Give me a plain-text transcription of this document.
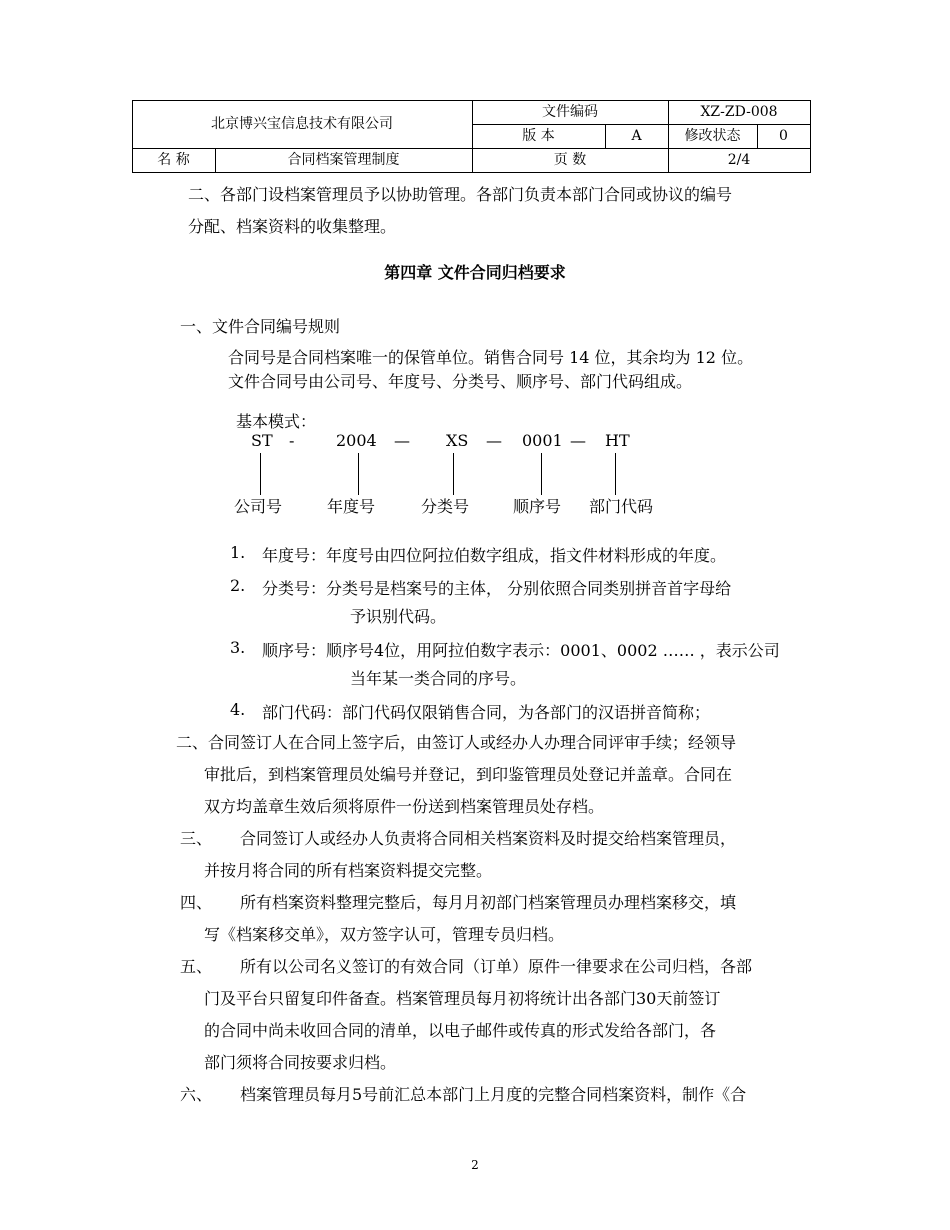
北京博兴宝信息技术有限公司
文件编码	XZ-ZD-008
版 本	A	修改状态	0
名 称	合同档案管理制度	页 数	2/4
二、各部门设档案管理员予以协助管理。各部门负责本部门合同或协议的编号
分配、档案资料的收集整理。
第四章 文件合同归档要求
一、文件合同编号规则
合同号是合同档案唯一的保管单位。销售合同号 14 位，其余均为 12 位。
文件合同号由公司号、年度号、分类号、顺序号、部门代码组成。
基本模式：
ST -	2004 — XS — 0001 — HT
公司号	年度号	分类号	顺序号 部门代码
1. 年度号：年度号由四位阿拉伯数字组成，指文件材料形成的年度。
2. 分类号：分类号是档案号的主体， 分别依照合同类别拼音首字母给
予识别代码。
3. 顺序号：顺序号4位，用阿拉伯数字表示：0001、0002 …… ，表示公司
当年某一类合同的序号。
4. 部门代码：部门代码仅限销售合同，为各部门的汉语拼音简称；
二、合同签订人在合同上签字后，由签订人或经办人办理合同评审手续；经领导
审批后，到档案管理员处编号并登记，到印鉴管理员处登记并盖章。合同在
双方均盖章生效后须将原件一份送到档案管理员处存档。
三、 合同签订人或经办人负责将合同相关档案资料及时提交给档案管理员，
并按月将合同的所有档案资料提交完整。
四、 所有档案资料整理完整后，每月月初部门档案管理员办理档案移交，填
写《档案移交单》，双方签字认可，管理专员归档。
五、 所有以公司名义签订的有效合同（订单）原件一律要求在公司归档，各部
门及平台只留复印件备查。档案管理员每月初将统计出各部门30天前签订
的合同中尚未收回合同的清单，以电子邮件或传真的形式发给各部门，各
部门须将合同按要求归档。
六、 档案管理员每月5号前汇总本部门上月度的完整合同档案资料，制作《合
2
